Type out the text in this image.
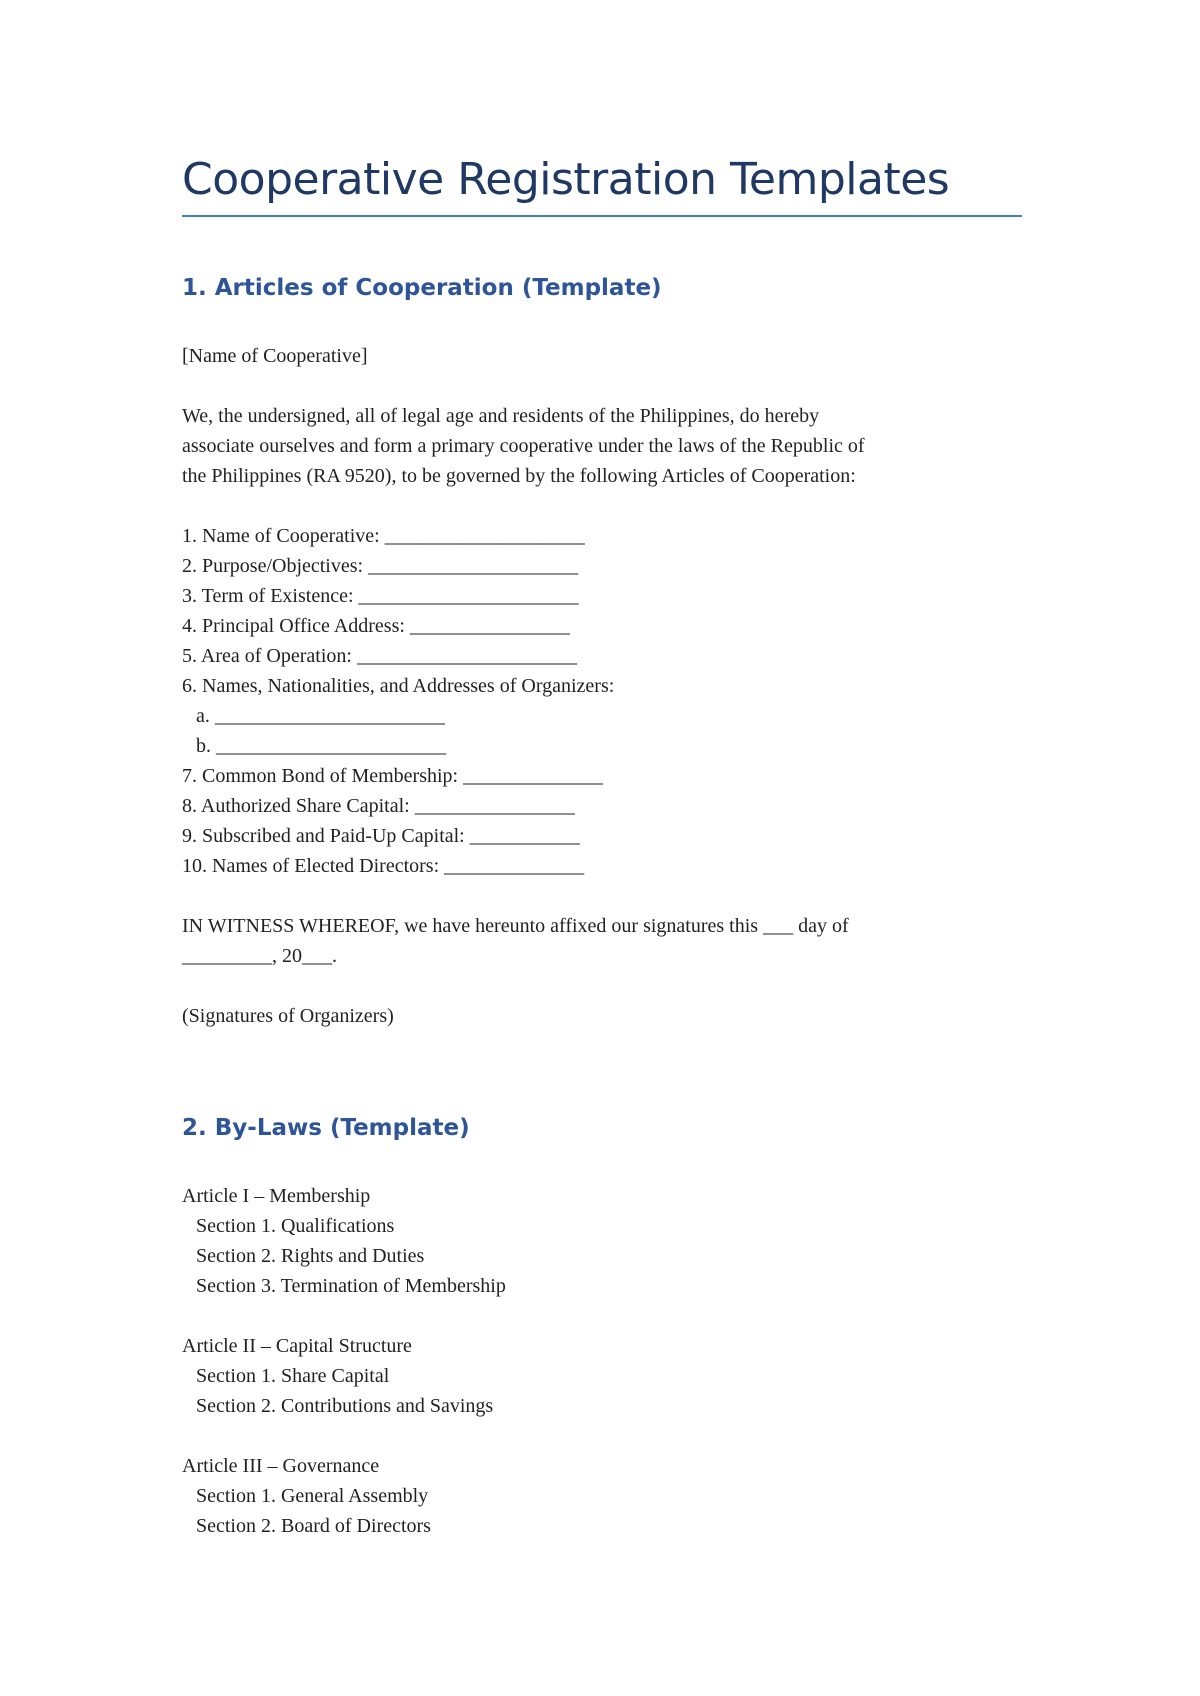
Cooperative Registration Templates
1. Articles of Cooperation (Template)
[Name of Cooperative]
We, the undersigned, all of legal age and residents of the Philippines, do hereby
associate ourselves and form a primary cooperative under the laws of the Republic of
the Philippines (RA 9520), to be governed by the following Articles of Cooperation:
1. Name of Cooperative: ____________________
2. Purpose/Objectives: _____________________
3. Term of Existence: ______________________
4. Principal Office Address: ________________
5. Area of Operation: ______________________
6. Names, Nationalities, and Addresses of Organizers:
a. _______________________
b. _______________________
7. Common Bond of Membership: ______________
8. Authorized Share Capital: ________________
9. Subscribed and Paid-Up Capital: ___________
10. Names of Elected Directors: ______________
IN WITNESS WHEREOF, we have hereunto affixed our signatures this ___ day of
_________, 20___.
(Signatures of Organizers)
2. By-Laws (Template)
Article I – Membership
Section 1. Qualifications
Section 2. Rights and Duties
Section 3. Termination of Membership
Article II – Capital Structure
Section 1. Share Capital
Section 2. Contributions and Savings
Article III – Governance
Section 1. General Assembly
Section 2. Board of Directors
